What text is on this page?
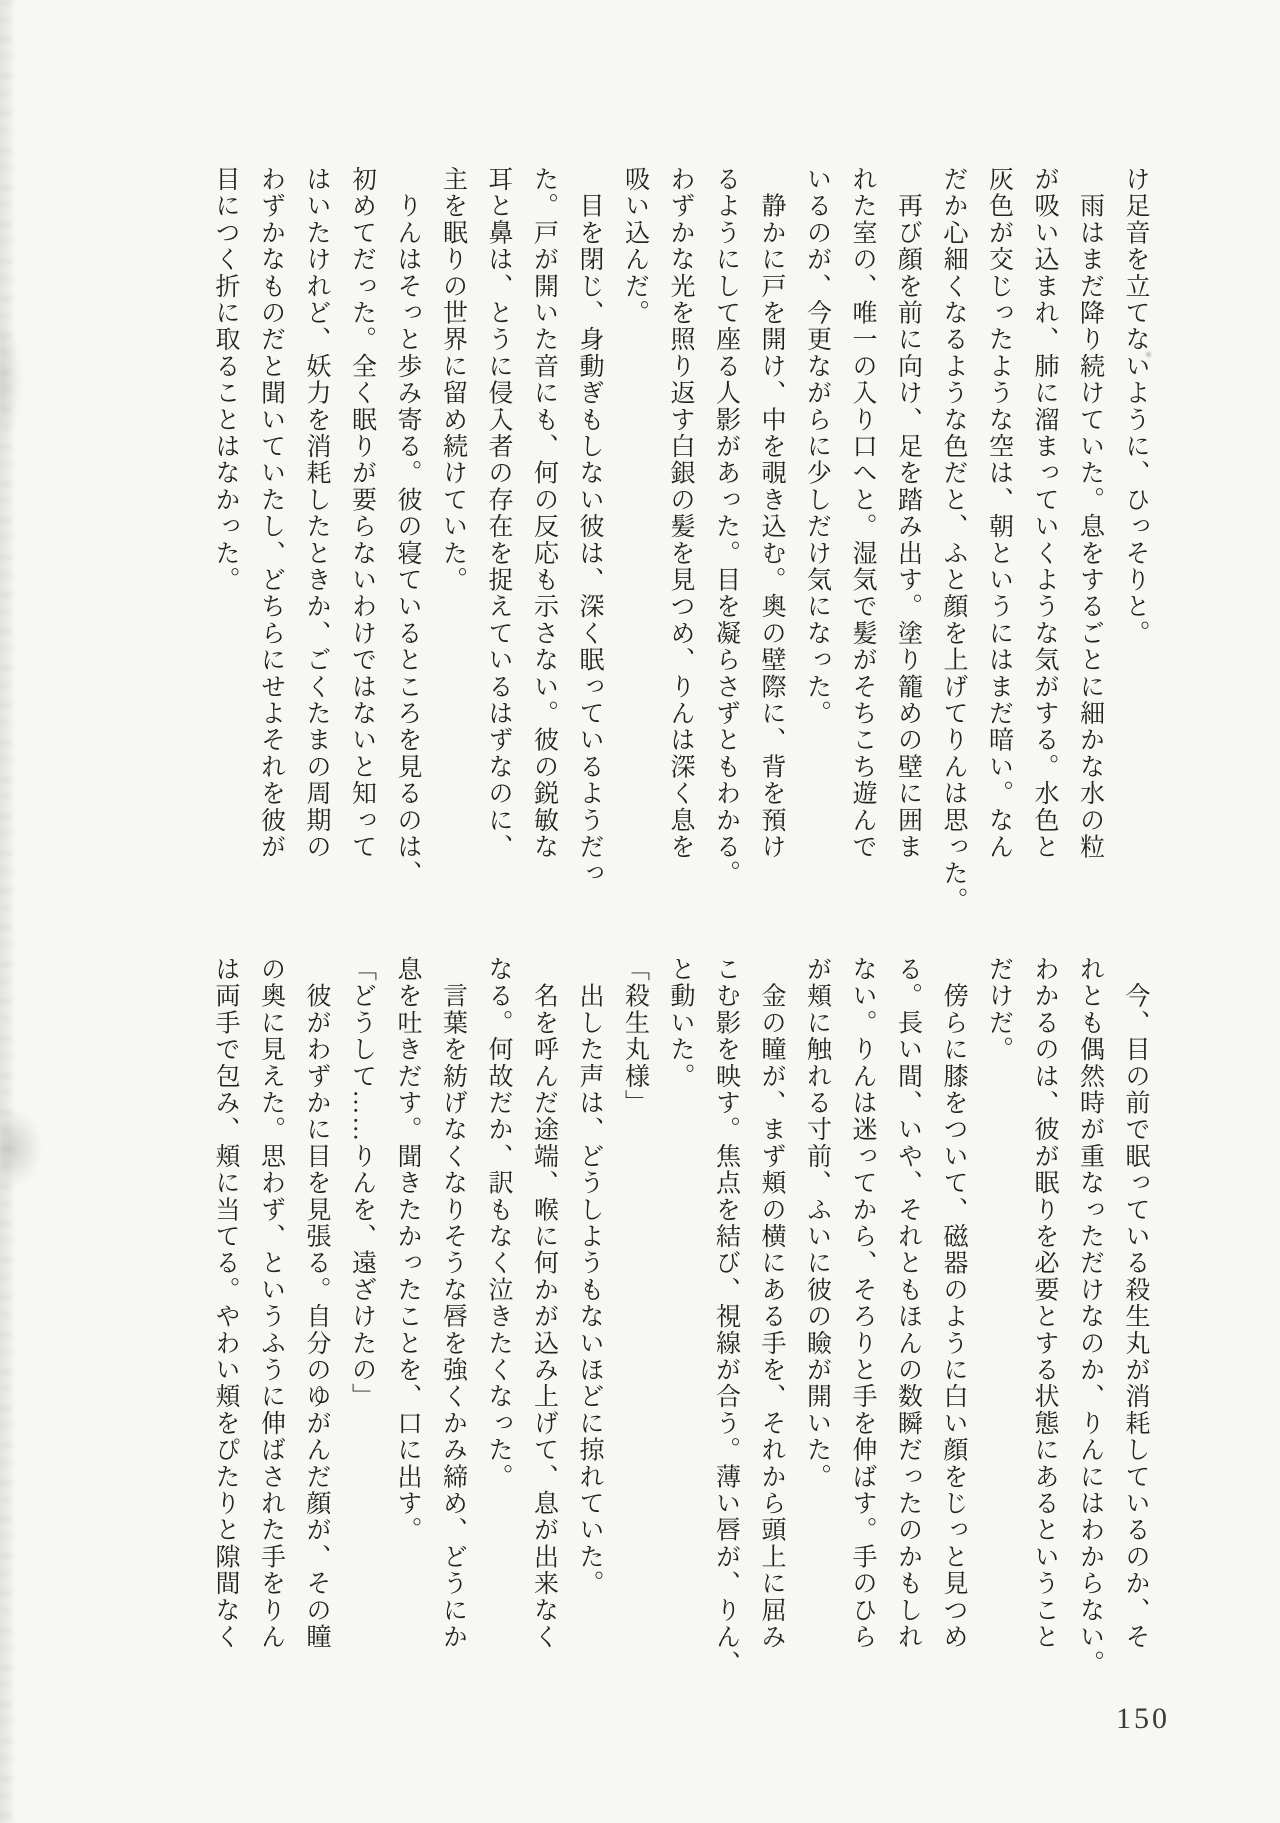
け足音を立てないように、ひっそりと。
　雨はまだ降り続けていた。息をするごとに細かな水の粒
が吸い込まれ、肺に溜まっていくような気がする。水色と
灰色が交じったような空は、朝というにはまだ暗い。なん
だか心細くなるような色だと、ふと顔を上げてりんは思った。
　再び顔を前に向け、足を踏み出す。塗り籠めの壁に囲ま
れた室の、唯一の入り口へと。湿気で髪がそちこち遊んで
いるのが、今更ながらに少しだけ気になった。
　静かに戸を開け、中を覗き込む。奥の壁際に、背を預け
るようにして座る人影があった。目を凝らさずともわかる。
わずかな光を照り返す白銀の髪を見つめ、りんは深く息を
吸い込んだ。
　目を閉じ、身動ぎもしない彼は、深く眠っているようだっ
た。戸が開いた音にも、何の反応も示さない。彼の鋭敏な
耳と鼻は、とうに侵入者の存在を捉えているはずなのに、
主を眠りの世界に留め続けていた。
　りんはそっと歩み寄る。彼の寝ているところを見るのは、
初めてだった。全く眠りが要らないわけではないと知って
はいたけれど、妖力を消耗したときか、ごくたまの周期の
わずかなものだと聞いていたし、どちらにせよそれを彼が
目につく折に取ることはなかった。
　今、目の前で眠っている殺生丸が消耗しているのか、そ
れとも偶然時が重なっただけなのか、りんにはわからない。
わかるのは、彼が眠りを必要とする状態にあるということ
だけだ。
　傍らに膝をついて、磁器のように白い顔をじっと見つめ
る。長い間、いや、それともほんの数瞬だったのかもしれ
ない。りんは迷ってから、そろりと手を伸ばす。手のひら
が頬に触れる寸前、ふいに彼の瞼が開いた。
　金の瞳が、まず頬の横にある手を、それから頭上に屈み
こむ影を映す。焦点を結び、視線が合う。薄い唇が、りん、
と動いた。
「殺生丸様」
　出した声は、どうしようもないほどに掠れていた。
　名を呼んだ途端、喉に何かが込み上げて、息が出来なく
なる。何故だか、訳もなく泣きたくなった。
　言葉を紡げなくなりそうな唇を強くかみ締め、どうにか
息を吐きだす。聞きたかったことを、口に出す。
「どうして……りんを、遠ざけたの」
　彼がわずかに目を見張る。自分のゆがんだ顔が、その瞳
の奥に見えた。思わず、というふうに伸ばされた手をりん
は両手で包み、頬に当てる。やわい頬をぴたりと隙間なく
150
